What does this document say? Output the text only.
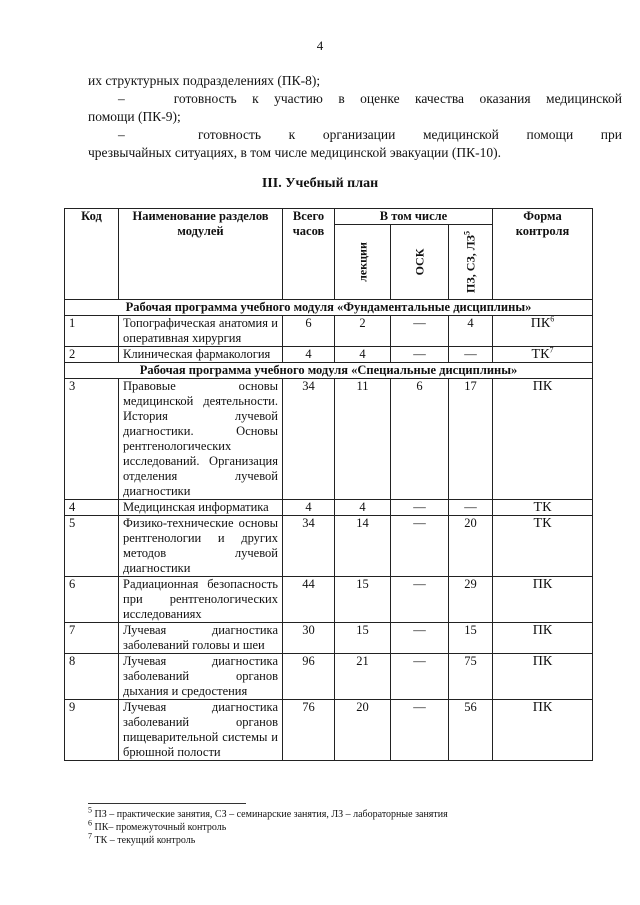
4
их структурных подразделениях (ПК-8);
–	готовность к участию в оценке качества оказания медицинской
помощи (ПК-9);
–	готовность к организации медицинской помощи при
чрезвычайных ситуациях, в том числе медицинской эвакуации (ПК-10).
III. Учебный план
Код	Наименование разделов модулей	Всего часов	В том числе			Форма контроля

			лекции	ОСК	ПЗ, СЗ, $ЛЗ^5$

Рабочая программа учебного модуля «Фундаментальные дисциплины»						
1	Топографическая анатомия и оперативная хирургия	6	2	—	4	$ПК^6$
2	Клиническая фармакология	4	4	—	—	$ТК^7$
Рабочая программа учебного модуля «Специальные дисциплины»						
3	Правовые основы медицинской деятельности. История лучевой диагностики. Основы рентгенологических исследований. Организация отделения лучевой диагностики	34	11	6	17	ПК
4	Медицинская информатика	4	4	—	—	ТК
5	Физико-технические основы рентгенологии и других методов лучевой диагностики	34	14	—	20	ТК
6	Радиационная безопасность при рентгенологических исследованиях	44	15	—	29	ПК
7	Лучевая диагностика заболеваний головы и шеи	30	15	—	15	ПК
8	Лучевая диагностика заболеваний органов дыхания и средостения	96	21	—	75	ПК
9	Лучевая диагностика заболеваний органов пищеварительной системы и брюшной полости	76	20	—	56	ПК
$^5$ ПЗ – практические занятия, СЗ – семинарские занятия, ЛЗ – лабораторные занятия
$^6$ ПК– промежуточный контроль
$^7$ ТК – текущий контроль
